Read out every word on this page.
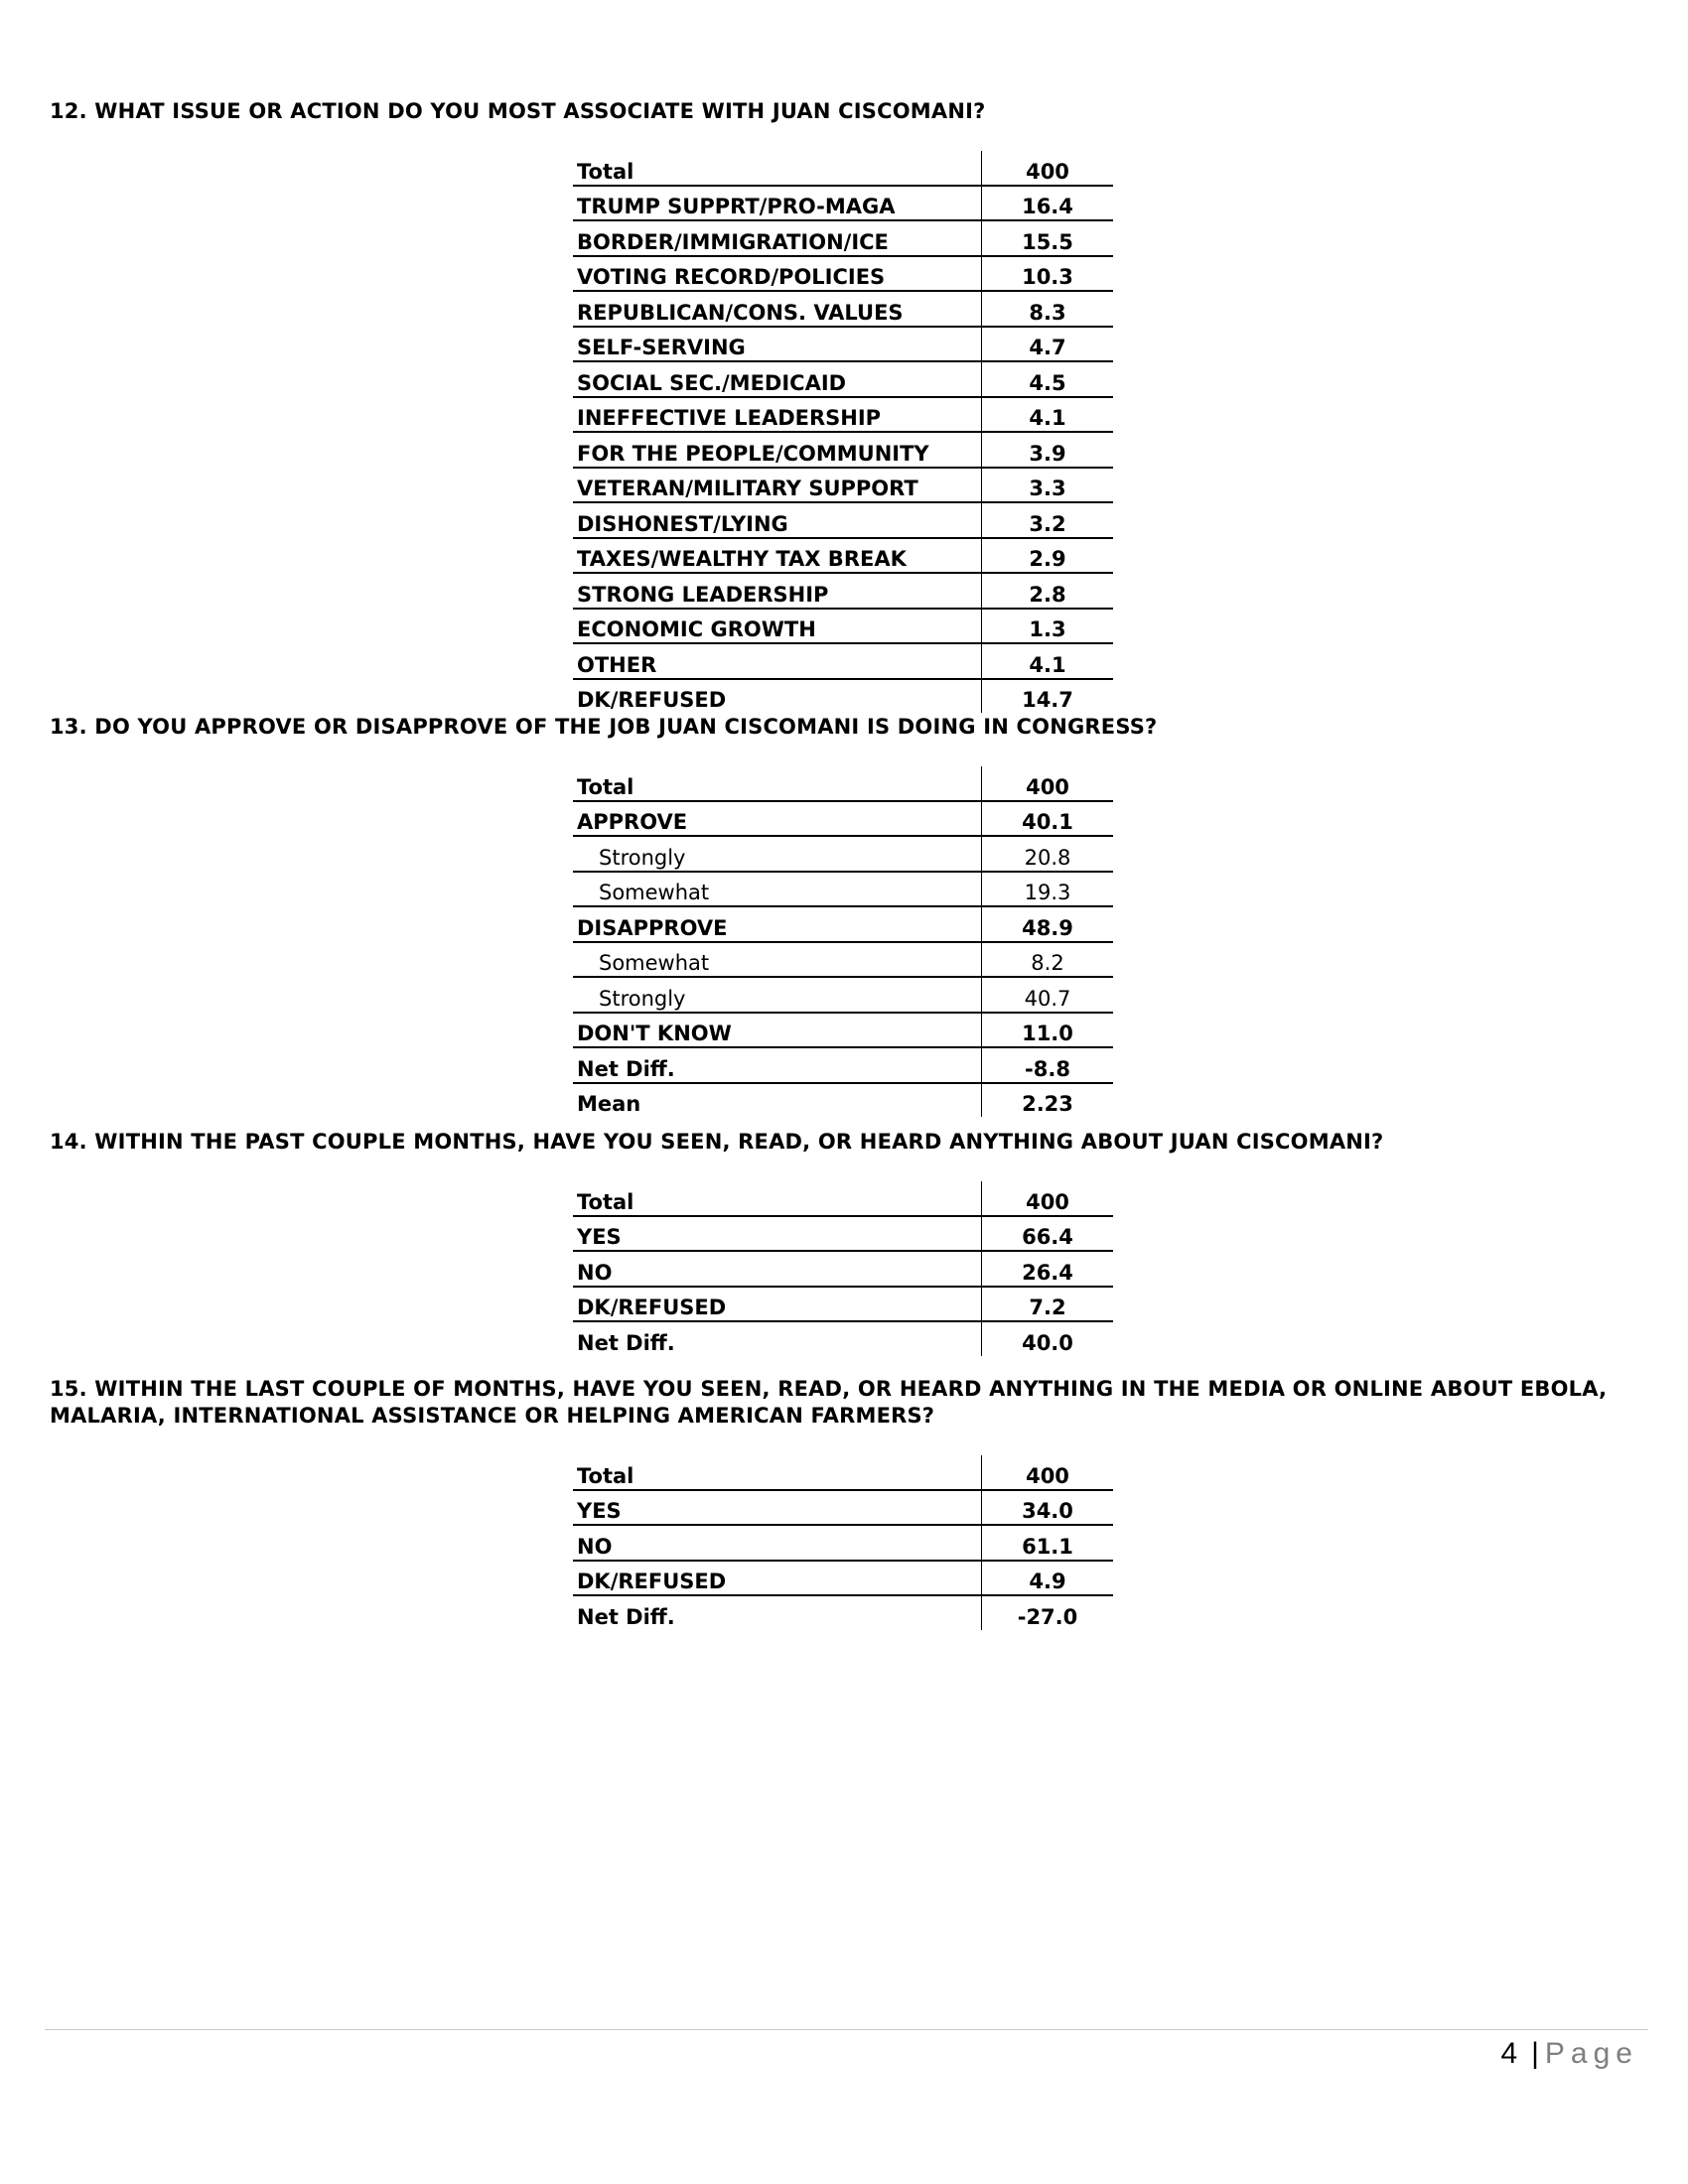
12. WHAT ISSUE OR ACTION DO YOU MOST ASSOCIATE WITH JUAN CISCOMANI?
Total	400
TRUMP SUPPRT/PRO-MAGA	16.4
BORDER/IMMIGRATION/ICE	15.5
VOTING RECORD/POLICIES	10.3
REPUBLICAN/CONS. VALUES	8.3
SELF-SERVING	4.7
SOCIAL SEC./MEDICAID	4.5
INEFFECTIVE LEADERSHIP	4.1
FOR THE PEOPLE/COMMUNITY	3.9
VETERAN/MILITARY SUPPORT	3.3
DISHONEST/LYING	3.2
TAXES/WEALTHY TAX BREAK	2.9
STRONG LEADERSHIP	2.8
ECONOMIC GROWTH	1.3
OTHER	4.1
DK/REFUSED	14.7
13. DO YOU APPROVE OR DISAPPROVE OF THE JOB JUAN CISCOMANI IS DOING IN CONGRESS?
Total	400
APPROVE	40.1
Strongly	20.8
Somewhat	19.3
DISAPPROVE	48.9
Somewhat	8.2
Strongly	40.7
DON'T KNOW	11.0
Net Diff.	-8.8
Mean	2.23
14. WITHIN THE PAST COUPLE MONTHS, HAVE YOU SEEN, READ, OR HEARD ANYTHING ABOUT JUAN CISCOMANI?
Total	400
YES	66.4
NO	26.4
DK/REFUSED	7.2
Net Diff.	40.0
15. WITHIN THE LAST COUPLE OF MONTHS, HAVE YOU SEEN, READ, OR HEARD ANYTHING IN THE MEDIA OR ONLINE ABOUT EBOLA, MALARIA, INTERNATIONAL ASSISTANCE OR HELPING AMERICAN FARMERS?
Total	400
YES	34.0
NO	61.1
DK/REFUSED	4.9
Net Diff.	-27.0
4 | Page
